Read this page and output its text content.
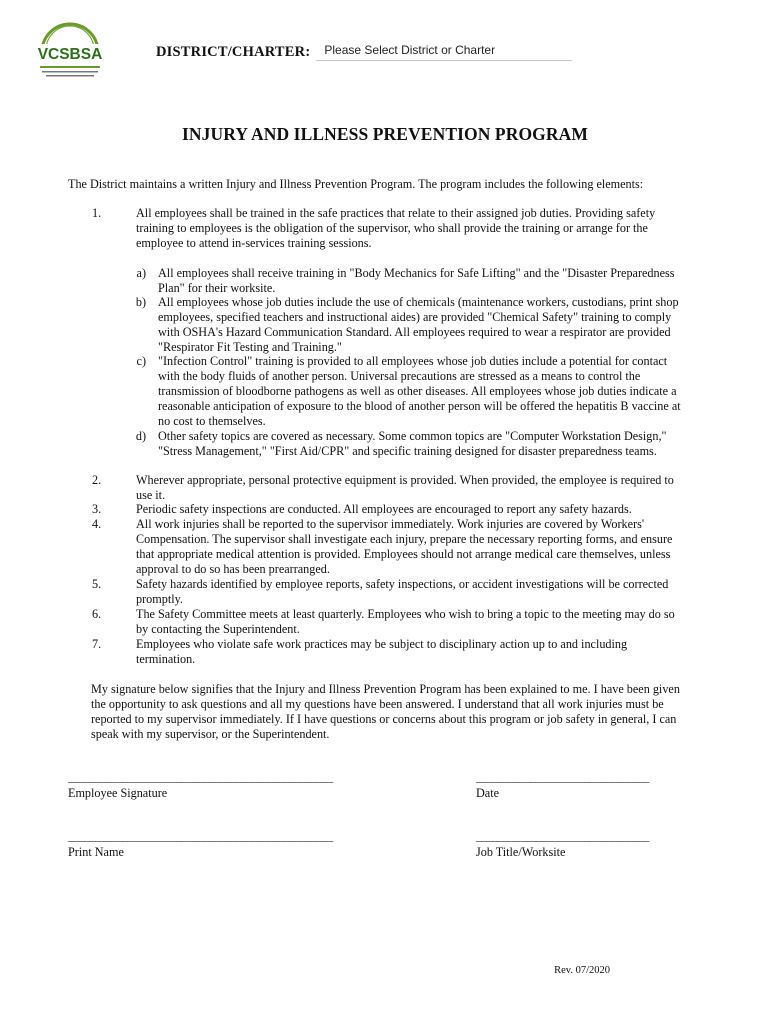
VCSBSA	DISTRICT/CHARTER: Please Select District or Charter
INJURY AND ILLNESS PREVENTION PROGRAM

The District maintains a written Injury and Illness Prevention Program. The program includes the following elements:

1.	All employees shall be trained in the safe practices that relate to their assigned job duties. Providing safety
training to employees is the obligation of the supervisor, who shall provide the training or arrange for the
employee to attend in-services training sessions.

a) All employees shall receive training in "Body Mechanics for Safe Lifting" and the "Disaster Preparedness
Plan" for their worksite.

b) All employees whose job duties include the use of chemicals (maintenance workers, custodians, print shop
employees, specified teachers and instructional aides) are provided "Chemical Safety" training to comply
with OSHA's Hazard Communication Standard. All employees required to wear a respirator are provided
"Respirator Fit Testing and Training."

c) "Infection Control" training is provided to all employees whose job duties include a potential for contact
with the body fluids of another person. Universal precautions are stressed as a means to control the
transmission of bloodborne pathogens as well as other diseases. All employees whose job duties indicate a
reasonable anticipation of exposure to the blood of another person will be offered the hepatitis B vaccine at
no cost to themselves.

d) Other safety topics are covered as necessary. Some common topics are "Computer Workstation Design,"
"Stress Management," "First Aid/CPR" and specific training designed for disaster preparedness teams.

2.	Wherever appropriate, personal protective equipment is provided. When provided, the employee is required to
use it.

3.	Periodic safety inspections are conducted. All employees are encouraged to report any safety hazards.

4.	All work injuries shall be reported to the supervisor immediately. Work injuries are covered by Workers'
Compensation. The supervisor shall investigate each injury, prepare the necessary reporting forms, and ensure
that appropriate medical attention is provided. Employees should not arrange medical care themselves, unless
approval to do so has been prearranged.

5.	Safety hazards identified by employee reports, safety inspections, or accident investigations will be corrected
promptly.

6.	The Safety Committee meets at least quarterly. Employees who wish to bring a topic to the meeting may do so
by contacting the Superintendent.

7.	Employees who violate safe work practices may be subject to disciplinary action up to and including
termination.

My signature below signifies that the Injury and Illness Prevention Program has been explained to me. I have been given
the opportunity to ask questions and all my questions have been answered. I understand that all work injuries must be
reported to my supervisor immediately. If I have questions or concerns about this program or job safety in general, I can
speak with my supervisor, or the Superintendent.

_________________________________________________
Employee Signature
________________________________
Date
_________________________________________________
Print Name
________________________________
Job Title/Worksite
Rev. 07/2020
